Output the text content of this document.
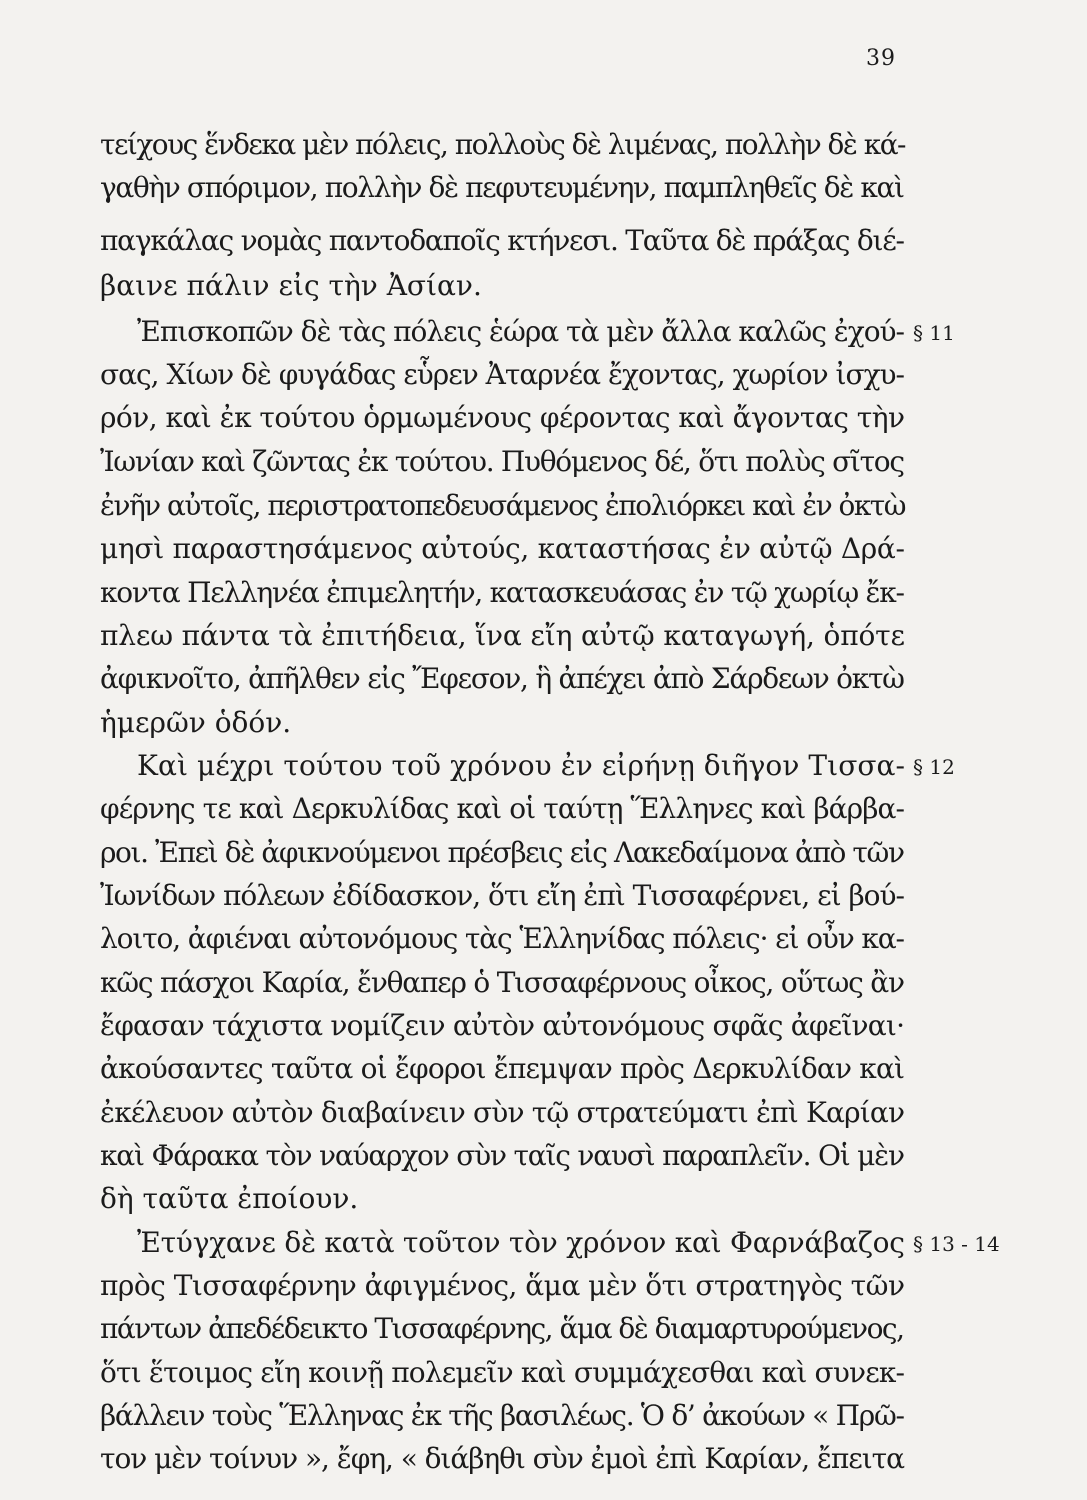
39
τείχους ἕνδεκα μὲν πόλεις, πολλοὺς δὲ λιμένας, πολλὴν δὲ κά-
γαθὴν σπόριμον, πολλὴν δὲ πεφυτευμένην, παμπληθεῖς δὲ καὶ
παγκάλας νομὰς παντοδαποῖς κτήνεσι. Ταῦτα δὲ πράξας διέ-
βαινε πάλιν εἰς τὴν Ἀσίαν.
Ἐπισκοπῶν δὲ τὰς πόλεις ἑώρα τὰ μὲν ἄλλα καλῶς ἐχού-
σας, Χίων δὲ φυγάδας εὗρεν Ἀταρνέα ἔχοντας, χωρίον ἰσχυ-
ρόν, καὶ ἐκ τούτου ὁρμωμένους φέροντας καὶ ἄγοντας τὴν
Ἰωνίαν καὶ ζῶντας ἐκ τούτου. Πυθόμενος δέ, ὅτι πολὺς σῖτος
ἐνῆν αὐτοῖς, περιστρατοπεδευσάμενος ἐπολιόρκει καὶ ἐν ὀκτὼ
μησὶ παραστησάμενος αὐτούς, καταστήσας ἐν αὐτῷ Δρά-
κοντα Πελληνέα ἐπιμελητήν, κατασκευάσας ἐν τῷ χωρίῳ ἔκ-
πλεω πάντα τὰ ἐπιτήδεια, ἵνα εἴη αὐτῷ καταγωγή, ὁπότε
ἀφικνοῖτο, ἀπῆλθεν εἰς Ἔφεσον, ἣ ἀπέχει ἀπὸ Σάρδεων ὀκτὼ
ἡμερῶν ὁδόν.
Καὶ μέχρι τούτου τοῦ χρόνου ἐν εἰρήνῃ διῆγον Τισσα-
φέρνης τε καὶ Δερκυλίδας καὶ οἱ ταύτῃ Ἕλληνες καὶ βάρβα-
ροι. Ἐπεὶ δὲ ἀφικνούμενοι πρέσβεις εἰς Λακεδαίμονα ἀπὸ τῶν
Ἰωνίδων πόλεων ἐδίδασκον, ὅτι εἴη ἐπὶ Τισσαφέρνει, εἰ βού-
λοιτο, ἀφιέναι αὐτονόμους τὰς Ἑλληνίδας πόλεις· εἰ οὖν κα-
κῶς πάσχοι Καρία, ἔνθαπερ ὁ Τισσαφέρνους οἶκος, οὕτως ἂν
ἔφασαν τάχιστα νομίζειν αὐτὸν αὐτονόμους σφᾶς ἀφεῖναι·
ἀκούσαντες ταῦτα οἱ ἔφοροι ἔπεμψαν πρὸς Δερκυλίδαν καὶ
ἐκέλευον αὐτὸν διαβαίνειν σὺν τῷ στρατεύματι ἐπὶ Καρίαν
καὶ Φάρακα τὸν ναύαρχον σὺν ταῖς ναυσὶ παραπλεῖν. Οἱ μὲν
δὴ ταῦτα ἐποίουν.
Ἐτύγχανε δὲ κατὰ τοῦτον τὸν χρόνον καὶ Φαρνάβαζος
πρὸς Τισσαφέρνην ἀφιγμένος, ἅμα μὲν ὅτι στρατηγὸς τῶν
πάντων ἀπεδέδεικτο Τισσαφέρνης, ἅμα δὲ διαμαρτυρούμενος,
ὅτι ἕτοιμος εἴη κοινῇ πολεμεῖν καὶ συμμάχεσθαι καὶ συνεκ-
βάλλειν τοὺς Ἕλληνας ἐκ τῆς βασιλέως. Ὁ δ’ ἀκούων « Πρῶ-
τον μὲν τοίνυν », ἔφη, « διάβηθι σὺν ἐμοὶ ἐπὶ Καρίαν, ἔπειτα
§ 11
§ 12
§ 13 - 14
